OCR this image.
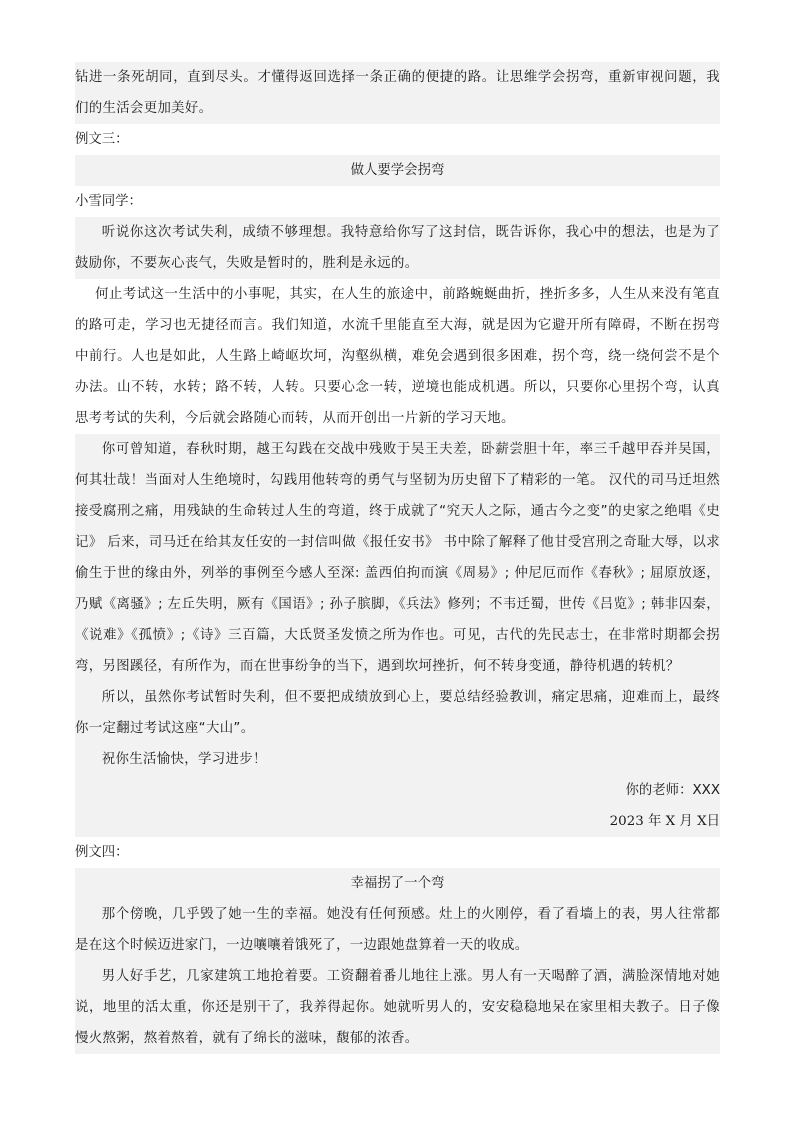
钻进一条死胡同，直到尽头。才懂得返回选择一条正确的便捷的路。让思维学会拐弯，重新审视问题，我们的生活会更加美好。

例文三：

做人要学会拐弯

小雪同学：

听说你这次考试失利，成绩不够理想。我特意给你写了这封信，既告诉你，我心中的想法，也是为了鼓励你，不要灰心丧气，失败是暂时的，胜利是永远的。

何止考试这一生活中的小事呢，其实，在人生的旅途中，前路蜿蜒曲折，挫折多多，人生从来没有笔直的路可走，学习也无捷径而言。我们知道，水流千里能直至大海，就是因为它避开所有障碍，不断在拐弯中前行。人也是如此，人生路上崎岖坎坷，沟壑纵横，难免会遇到很多困难，拐个弯，绕一绕何尝不是个办法。山不转，水转；路不转，人转。只要心念一转，逆境也能成机遇。所以，只要你心里拐个弯，认真思考考试的失利，今后就会路随心而转，从而开创出一片新的学习天地。

你可曾知道，春秋时期，越王勾践在交战中残败于吴王夫差，卧薪尝胆十年，率三千越甲吞并吴国，何其壮哉！当面对人生绝境时，勾践用他转弯的勇气与坚韧为历史留下了精彩的一笔。 汉代的司马迁坦然接受腐刑之痛，用残缺的生命转过人生的弯道，终于成就了“究天人之际，通古今之变”的史家之绝唱《史记》 后来，司马迁在给其友任安的一封信叫做《报任安书》 书中除了解释了他甘受宫刑之奇耻大辱，以求偷生于世的缘由外，列举的事例至今感人至深: 盖西伯拘而演《周易》; 仲尼厄而作《春秋》; 屈原放逐，乃赋《离骚》; 左丘失明，厥有《国语》; 孙子膑脚，《兵法》修列；不韦迁蜀，世传《吕览》; 韩非囚秦，《说难》《孤愤》;《诗》三百篇，大氐贤圣发愤之所为作也。可见，古代的先民志士，在非常时期都会拐弯，另图蹊径，有所作为，而在世事纷争的当下，遇到坎坷挫折，何不转身变通，静待机遇的转机？

所以，虽然你考试暂时失利，但不要把成绩放到心上，要总结经验教训，痛定思痛，迎难而上，最终你一定翻过考试这座“大山”。

祝你生活愉快，学习进步！

你的老师：XXX

2023 年 X 月 X日

例文四：

幸福拐了一个弯

那个傍晚，几乎毁了她一生的幸福。她没有任何预感。灶上的火刚停，看了看墙上的表，男人往常都是在这个时候迈进家门，一边嚷嚷着饿死了，一边跟她盘算着一天的收成。

男人好手艺，几家建筑工地抢着要。工资翻着番儿地往上涨。男人有一天喝醉了酒，满脸深情地对她说，地里的活太重，你还是别干了，我养得起你。她就听男人的，安安稳稳地呆在家里相夫教子。日子像慢火熬粥，熬着熬着，就有了绵长的滋味，馥郁的浓香。
